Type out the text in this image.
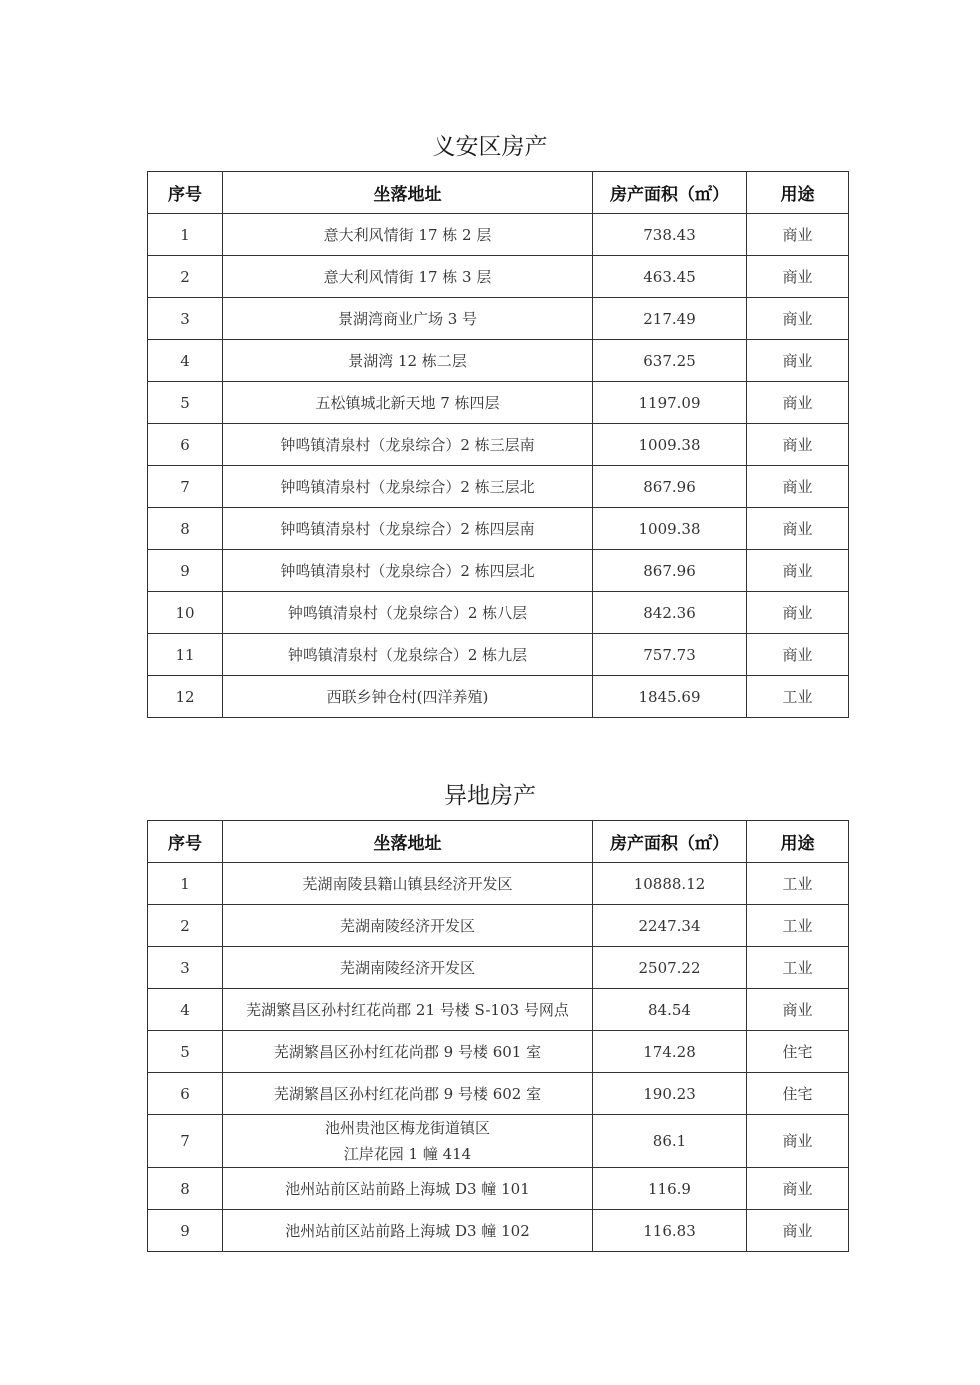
义安区房产
序号	坐落地址	房产面积（㎡）	用途
1	意大利风情街 17 栋 2 层	738.43	商业
2	意大利风情街 17 栋 3 层	463.45	商业
3	景湖湾商业广场 3 号	217.49	商业
4	景湖湾 12 栋二层	637.25	商业
5	五松镇城北新天地 7 栋四层	1197.09	商业
6	钟鸣镇清泉村（龙泉综合）2 栋三层南	1009.38	商业
7	钟鸣镇清泉村（龙泉综合）2 栋三层北	867.96	商业
8	钟鸣镇清泉村（龙泉综合）2 栋四层南	1009.38	商业
9	钟鸣镇清泉村（龙泉综合）2 栋四层北	867.96	商业
10	钟鸣镇清泉村（龙泉综合）2 栋八层	842.36	商业
11	钟鸣镇清泉村（龙泉综合）2 栋九层	757.73	商业
12	西联乡钟仓村(四洋养殖)	1845.69	工业
异地房产
序号	坐落地址	房产面积（㎡）	用途
1	芜湖南陵县籍山镇县经济开发区	10888.12	工业
2	芜湖南陵经济开发区	2247.34	工业
3	芜湖南陵经济开发区	2507.22	工业
4	芜湖繁昌区孙村红花尚郡 21 号楼 S-103 号网点	84.54	商业
5	芜湖繁昌区孙村红花尚郡 9 号楼 601 室	174.28	住宅
6	芜湖繁昌区孙村红花尚郡 9 号楼 602 室	190.23	住宅
7	池州贵池区梅龙街道镇区
江岸花园 1 幢 414	86.1	商业
8	池州站前区站前路上海城 D3 幢 101	116.9	商业
9	池州站前区站前路上海城 D3 幢 102	116.83	商业
